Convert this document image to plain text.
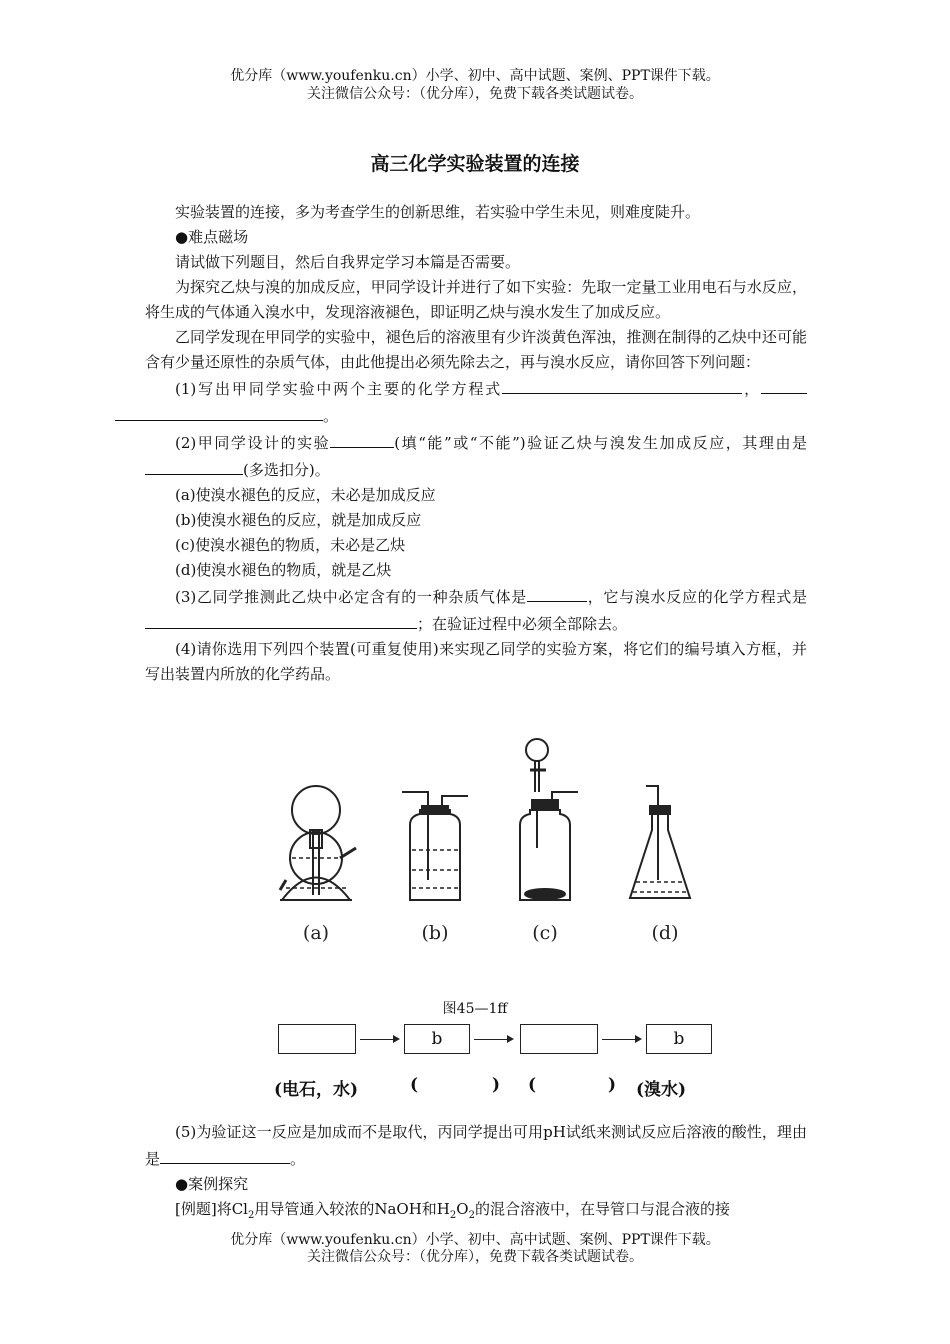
优分库（www.youfenku.cn）小学、初中、高中试题、案例、PPT课件下载。
关注微信公众号：（优分库），免费下载各类试题试卷。
高三化学实验装置的连接

实验装置的连接，多为考查学生的创新思维，若实验中学生未见，则难度陡升。

●难点磁场

请试做下列题目，然后自我界定学习本篇是否需要。

为探究乙炔与溴的加成反应，甲同学设计并进行了如下实验：先取一定量工业用电石与水反应，将生成的气体通入溴水中，发现溶液褪色，即证明乙炔与溴水发生了加成反应。

乙同学发现在甲同学的实验中，褪色后的溶液里有少许淡黄色浑浊，推测在制得的乙炔中还可能含有少量还原性的杂质气体，由此他提出必须先除去之，再与溴水反应，请你回答下列问题：

(1)写出甲同学实验中两个主要的化学方程式	，。

(2)甲同学设计的实验	(填“能”或“不能”)验证乙炔与溴发生加成反应，其理由是(多选扣分)。

(a)使溴水褪色的反应，未必是加成反应

(b)使溴水褪色的反应，就是加成反应

(c)使溴水褪色的物质，未必是乙炔

(d)使溴水褪色的物质，就是乙炔

(3)乙同学推测此乙炔中必定含有的一种杂质气体是	，它与溴水反应的化学方程式是；在验证过程中必须全部除去。

(4)请你选用下列四个装置(可重复使用)来实现乙同学的实验方案，将它们的编号填入方框，并写出装置内所放的化学药品。

(a)	(b)	(c)	(d)
图45—1ff
b	b
(电石，水)	(	) (	) (溴水)

(5)为验证这一反应是加成而不是取代，丙同学提出可用pH试纸来测试反应后溶液的酸性，理由是	。

●案例探究

[例题]将$Cl_2$用导管通入较浓的NaOH和$H_2O_2$的混合溶液中，在导管口与混合液的接

优分库（www.youfenku.cn）小学、初中、高中试题、案例、PPT课件下载。
关注微信公众号：（优分库），免费下载各类试题试卷。
